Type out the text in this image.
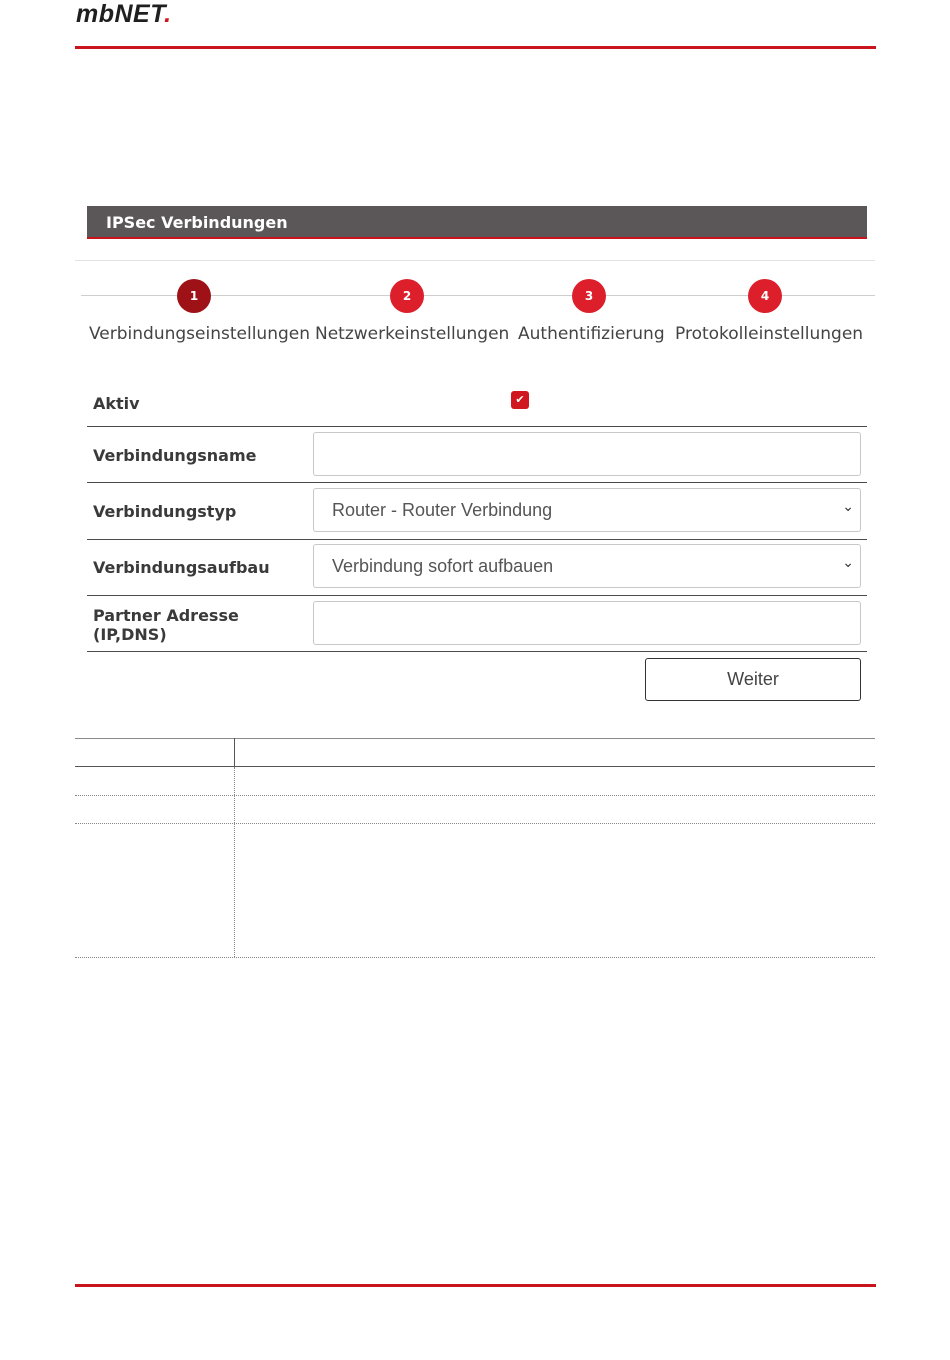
mbNET.
IPSec Verbindungen
1	2	3	4
Verbindungseinstellungen Netzwerkeinstellungen Authentifizierung Protokolleinstellungen
Aktiv	✔
Verbindungsname
Verbindungstyp	Router - Router Verbindung	⌄
Verbindungsaufbau	Verbindung sofort aufbauen	⌄
Partner Adresse
(IP,DNS)
Weiter
